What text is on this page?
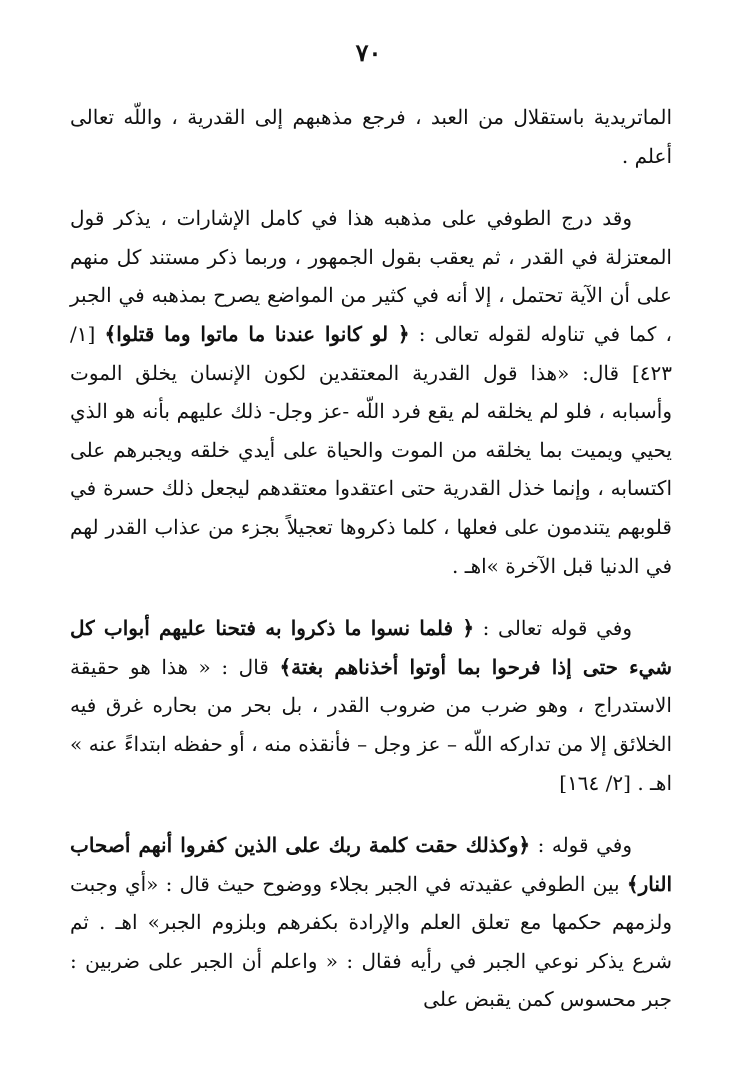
٧٠

الماتريدية باستقلال من العبد ، فرجع مذهبهم إلى القدرية ، واللّه تعالى أعلم .

وقد درج الطوفي على مذهبه هذا في كامل الإشارات ، يذكر قول المعتزلة في القدر ، ثم يعقب بقول الجمهور ، وربما ذكر مستند كل منهم على أن الآية تحتمل ، إلا أنه في كثير من المواضع يصرح بمذهبه في الجبر ، كما في تناوله لقوله تعالى : ﴿ لو كانوا عندنا ما ماتوا وما قتلوا﴾ [١/ ٤٢٣] قال: «هذا قول القدرية المعتقدين لكون الإنسان يخلق الموت وأسبابه ، فلو لم يخلقه لم يقع فرد اللّه -عز وجل- ذلك عليهم بأنه هو الذي يحيي ويميت بما يخلقه من الموت والحياة على أيدي خلقه ويجبرهم على اكتسابه ، وإنما خذل القدرية حتى اعتقدوا معتقدهم ليجعل ذلك حسرة في قلوبهم يتندمون على فعلها ، كلما ذكروها تعجيلاً بجزء من عذاب القدر لهم في الدنيا قبل الآخرة »اهـ .

وفي قوله تعالى : ﴿ فلما نسوا ما ذكروا به فتحنا عليهم أبواب كل شيء حتى إذا فرحوا بما أوتوا أخذناهم بغتة﴾ قال : « هذا هو حقيقة الاستدراج ، وهو ضرب من ضروب القدر ، بل بحر من بحاره غرق فيه الخلائق إلا من تداركه اللّه – عز وجل – فأنقذه منه ، أو حفظه ابتداءً عنه » اهـ . [٢/ ١٦٤]

وفي قوله : ﴿وكذلك حقت كلمة ربك على الذين كفروا أنهم أصحاب النار﴾ بين الطوفي عقيدته في الجبر بجلاء ووضوح حيث قال : «أي وجبت ولزمهم حكمها مع تعلق العلم والإرادة بكفرهم وبلزوم الجبر» اهـ . ثم شرع يذكر نوعي الجبر في رأيه فقال : « واعلم أن الجبر على ضربين : جبر محسوس كمن يقبض على
